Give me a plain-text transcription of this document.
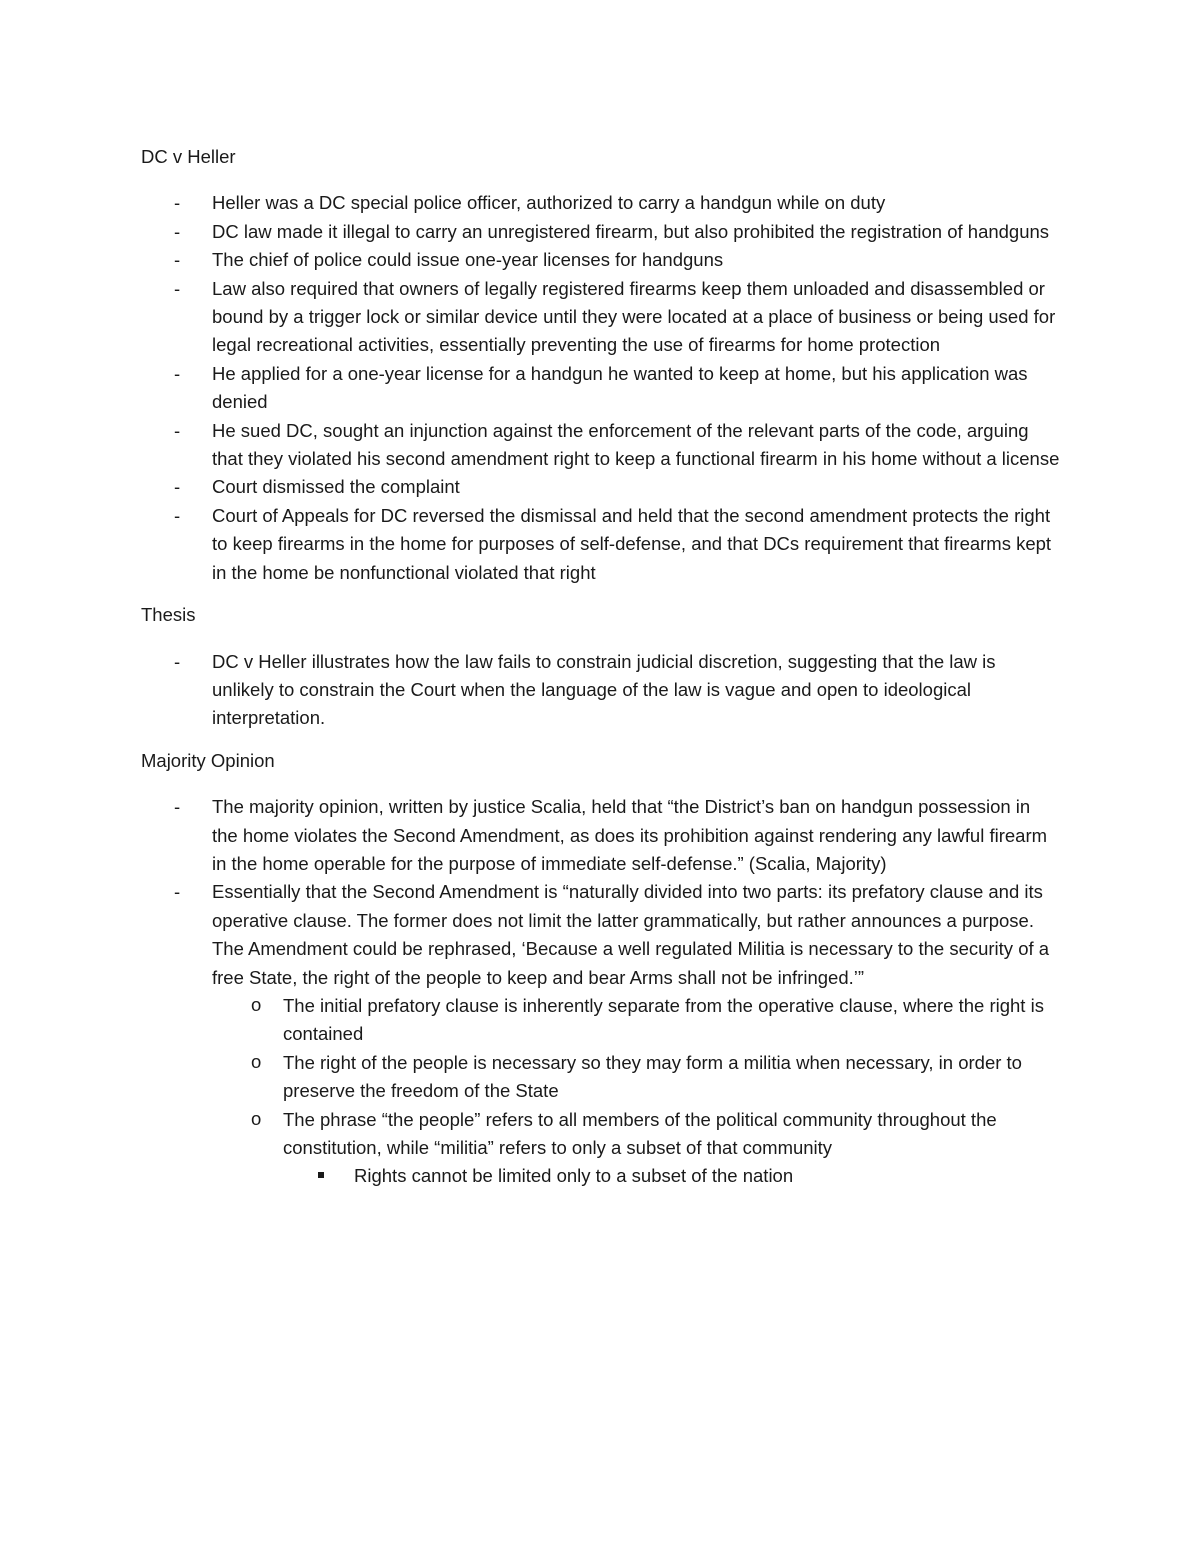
DC v Heller

- Heller was a DC special police officer, authorized to carry a handgun while on duty
- DC law made it illegal to carry an unregistered firearm, but also prohibited the registration of handguns
- The chief of police could issue one-year licenses for handguns
- Law also required that owners of legally registered firearms keep them unloaded and disassembled or bound by a trigger lock or similar device until they were located at a place of business or being used for legal recreational activities, essentially preventing the use of firearms for home protection
- He applied for a one-year license for a handgun he wanted to keep at home, but his application was denied
- He sued DC, sought an injunction against the enforcement of the relevant parts of the code, arguing that they violated his second amendment right to keep a functional firearm in his home without a license
- Court dismissed the complaint
- Court of Appeals for DC reversed the dismissal and held that the second amendment protects the right to keep firearms in the home for purposes of self-defense, and that DCs requirement that firearms kept in the home be nonfunctional violated that right

Thesis

- DC v Heller illustrates how the law fails to constrain judicial discretion, suggesting that the law is unlikely to constrain the Court when the language of the law is vague and open to ideological interpretation.

Majority Opinion

- The majority opinion, written by justice Scalia, held that “the District’s ban on handgun possession in the home violates the Second Amendment, as does its prohibition against rendering any lawful firearm in the home operable for the purpose of immediate self-defense.” (Scalia, Majority)
- Essentially that the Second Amendment is “naturally divided into two parts: its prefatory clause and its operative clause. The former does not limit the latter grammatically, but rather announces a purpose. The Amendment could be rephrased, ‘Because a well regulated Militia is necessary to the security of a free State, the right of the people to keep and bear Arms shall not be infringed.’”
o The initial prefatory clause is inherently separate from the operative clause, where the right is contained
o The right of the people is necessary so they may form a militia when necessary, in order to preserve the freedom of the State
o The phrase “the people” refers to all members of the political community throughout the constitution, while “militia” refers to only a subset of that community
Rights cannot be limited only to a subset of the nation
